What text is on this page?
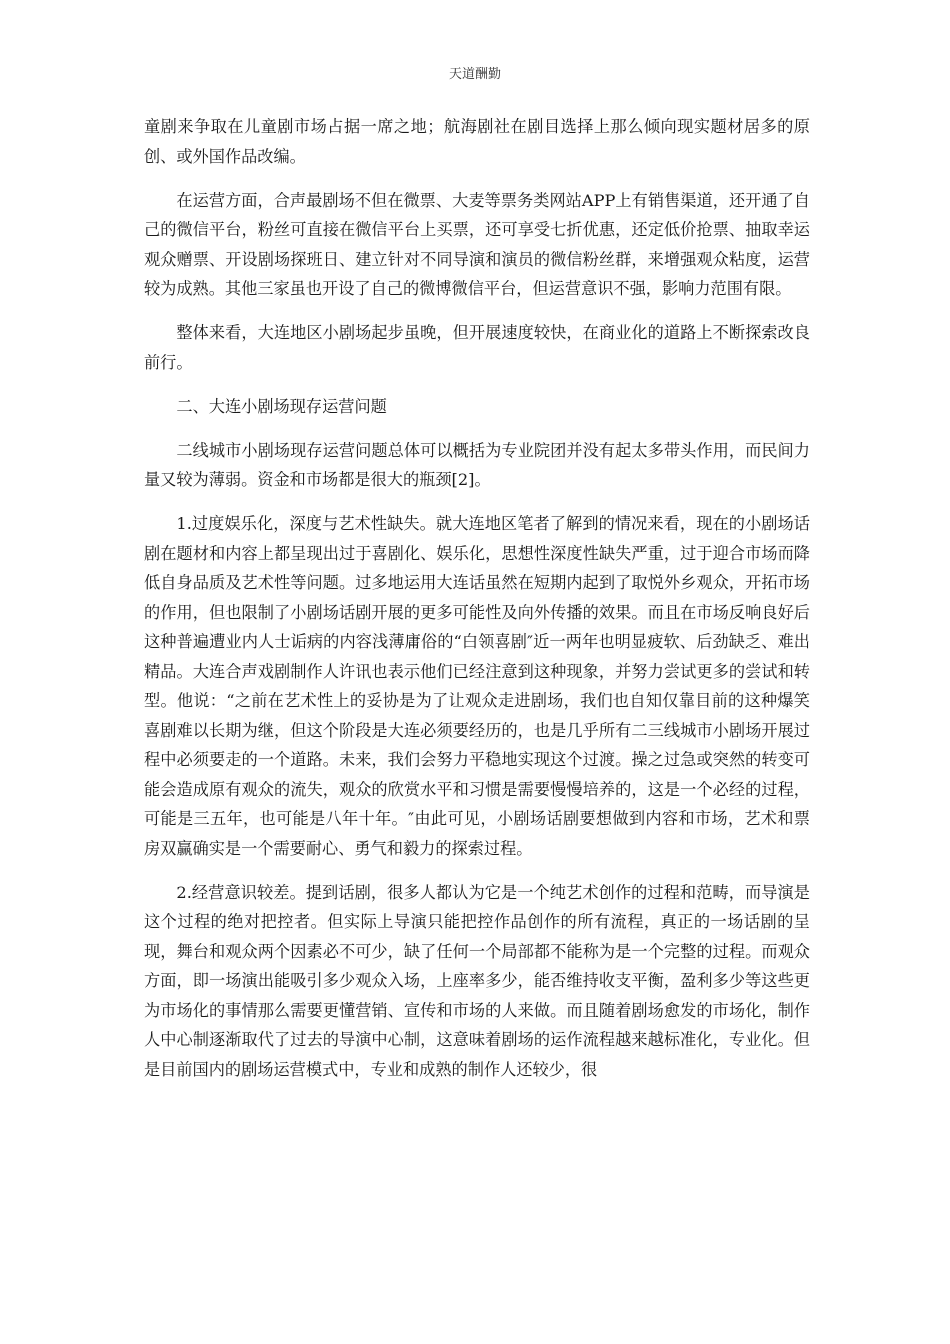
天道酬勤

童剧来争取在儿童剧市场占据一席之地；航海剧社在剧目选择上那么倾向现实题材居多的原创、或外国作品改编。

在运营方面，合声最剧场不但在微票、大麦等票务类网站APP上有销售渠道，还开通了自己的微信平台，粉丝可直接在微信平台上买票，还可享受七折优惠，还定低价抢票、抽取幸运观众赠票、开设剧场探班日、建立针对不同导演和演员的微信粉丝群，来增强观众粘度，运营较为成熟。其他三家虽也开设了自己的微博微信平台，但运营意识不强，影响力范围有限。

整体来看，大连地区小剧场起步虽晚，但开展速度较快，在商业化的道路上不断探索改良前行。

二、大连小剧场现存运营问题

二线城市小剧场现存运营问题总体可以概括为专业院团并没有起太多带头作用，而民间力量又较为薄弱。资金和市场都是很大的瓶颈[2]。

1.过度娱乐化，深度与艺术性缺失。就大连地区笔者了解到的情况来看，现在的小剧场话剧在题材和内容上都呈现出过于喜剧化、娱乐化，思想性深度性缺失严重，过于迎合市场而降低自身品质及艺术性等问题。过多地运用大连话虽然在短期内起到了取悦外乡观众，开拓市场的作用，但也限制了小剧场话剧开展的更多可能性及向外传播的效果。而且在市场反响良好后这种普遍遭业内人士诟病的内容浅薄庸俗的“白领喜剧″近一两年也明显疲软、后劲缺乏、难出精品。大连合声戏剧制作人许讯也表示他们已经注意到这种现象，并努力尝试更多的尝试和转型。他说：“之前在艺术性上的妥协是为了让观众走进剧场，我们也自知仅靠目前的这种爆笑喜剧难以长期为继，但这个阶段是大连必须要经历的，也是几乎所有二三线城市小剧场开展过程中必须要走的一个道路。未来，我们会努力平稳地实现这个过渡。操之过急或突然的转变可能会造成原有观众的流失，观众的欣赏水平和习惯是需要慢慢培养的，这是一个必经的过程，可能是三五年，也可能是八年十年。″由此可见，小剧场话剧要想做到内容和市场，艺术和票房双赢确实是一个需要耐心、勇气和毅力的探索过程。

2.经营意识较差。提到话剧，很多人都认为它是一个纯艺术创作的过程和范畴，而导演是这个过程的绝对把控者。但实际上导演只能把控作品创作的所有流程，真正的一场话剧的呈现，舞台和观众两个因素必不可少，缺了任何一个局部都不能称为是一个完整的过程。而观众方面，即一场演出能吸引多少观众入场，上座率多少，能否维持收支平衡，盈利多少等这些更为市场化的事情那么需要更懂营销、宣传和市场的人来做。而且随着剧场愈发的市场化，制作人中心制逐渐取代了过去的导演中心制，这意味着剧场的运作流程越来越标准化，专业化。但是目前国内的剧场运营模式中，专业和成熟的制作人还较少，很
